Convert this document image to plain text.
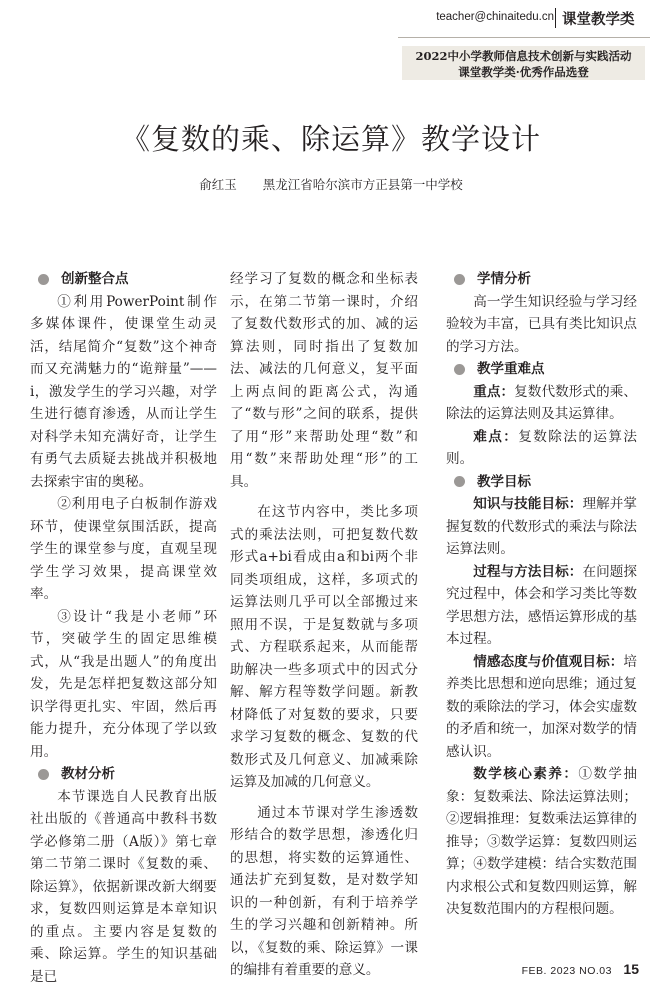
teacher@chinaitedu.cn 课堂教学类
2022中小学教师信息技术创新与实践活动
课堂教学类·优秀作品选登
《复数的乘、除运算》教学设计
俞红玉 黑龙江省哈尔滨市方正县第一中学校
创新整合点

①利用PowerPoint制作多媒体课件，使课堂生动灵活，结尾简介“复数”这个神奇而又充满魅力的“诡辩量”——i，激发学生的学习兴趣，对学生进行德育渗透，从而让学生对科学未知充满好奇，让学生有勇气去质疑去挑战并积极地去探索宇宙的奥秘。

②利用电子白板制作游戏环节，使课堂氛围活跃，提高学生的课堂参与度，直观呈现学生学习效果，提高课堂效率。

③设计“我是小老师”环节，突破学生的固定思维模式，从“我是出题人”的角度出发，先是怎样把复数这部分知识学得更扎实、牢固，然后再能力提升，充分体现了学以致用。

教材分析

本节课选自人民教育出版社出版的《普通高中教科书数学必修第二册（A版）》第七章第二节第二课时《复数的乘、除运算》，依据新课改新大纲要求，复数四则运算是本章知识的重点。主要内容是复数的乘、除运算。学生的知识基础是已

经学习了复数的概念和坐标表示，在第二节第一课时，介绍了复数代数形式的加、减的运算法则，同时指出了复数加法、减法的几何意义，复平面上两点间的距离公式，沟通了“数与形”之间的联系，提供了用“形”来帮助处理“数”和用“数”来帮助处理“形”的工具。

在这节内容中，类比多项式的乘法法则，可把复数代数形式a+bi看成由a和bi两个非同类项组成，这样，多项式的运算法则几乎可以全部搬过来照用不误，于是复数就与多项式、方程联系起来，从而能帮助解决一些多项式中的因式分解、解方程等数学问题。新教材降低了对复数的要求，只要求学习复数的概念、复数的代数形式及几何意义、加减乘除运算及加减的几何意义。

通过本节课对学生渗透数形结合的数学思想，渗透化归的思想，将实数的运算通性、通法扩充到复数，是对数学知识的一种创新，有利于培养学生的学习兴趣和创新精神。所以，《复数的乘、除运算》一课的编排有着重要的意义。

学情分析

高一学生知识经验与学习经验较为丰富，已具有类比知识点的学习方法。

教学重难点

重点：复数代数形式的乘、除法的运算法则及其运算律。

难点：复数除法的运算法则。

教学目标

知识与技能目标：理解并掌握复数的代数形式的乘法与除法运算法则。

过程与方法目标：在问题探究过程中，体会和学习类比等数学思想方法，感悟运算形成的基本过程。

情感态度与价值观目标：培养类比思想和逆向思维；通过复数的乘除法的学习，体会实虚数的矛盾和统一，加深对数学的情感认识。

数学核心素养：①数学抽象：复数乘法、除法运算法则；②逻辑推理：复数乘法运算律的推导；③数学运算：复数四则运算；④数学建模：结合实数范围内求根公式和复数四则运算，解决复数范围内的方程根问题。

FEB. 2023 NO.03 15
